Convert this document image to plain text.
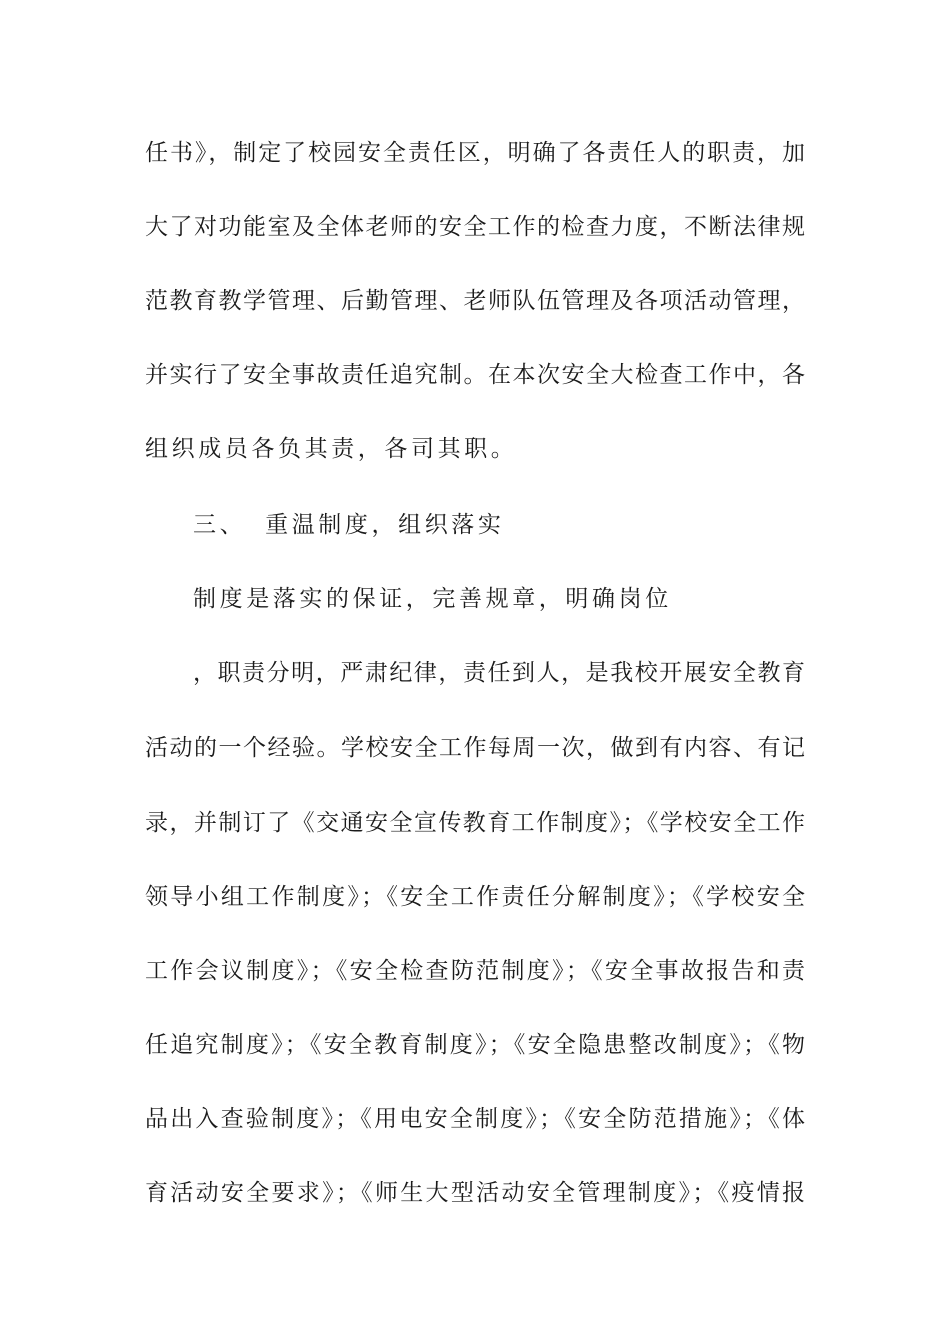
任书》，制定了校园安全责任区，明确了各责任人的职责，加
大了对功能室及全体老师的安全工作的检查力度，不断法律规
范教育教学管理、后勤管理、老师队伍管理及各项活动管理，
并实行了安全事故责任追究制。在本次安全大检查工作中，各
组织成员各负其责，各司其职。
三、 重温制度，组织落实
制度是落实的保证，完善规章，明确岗位
，职责分明，严肃纪律，责任到人，是我校开展安全教育
活动的一个经验。学校安全工作每周一次，做到有内容、有记
录，并制订了《交通安全宣传教育工作制度》；《学校安全工作
领导小组工作制度》；《安全工作责任分解制度》；《学校安全
工作会议制度》；《安全检查防范制度》；《安全事故报告和责
任追究制度》；《安全教育制度》；《安全隐患整改制度》；《物
品出入查验制度》；《用电安全制度》；《安全防范措施》；《体
育活动安全要求》；《师生大型活动安全管理制度》；《疫情报
